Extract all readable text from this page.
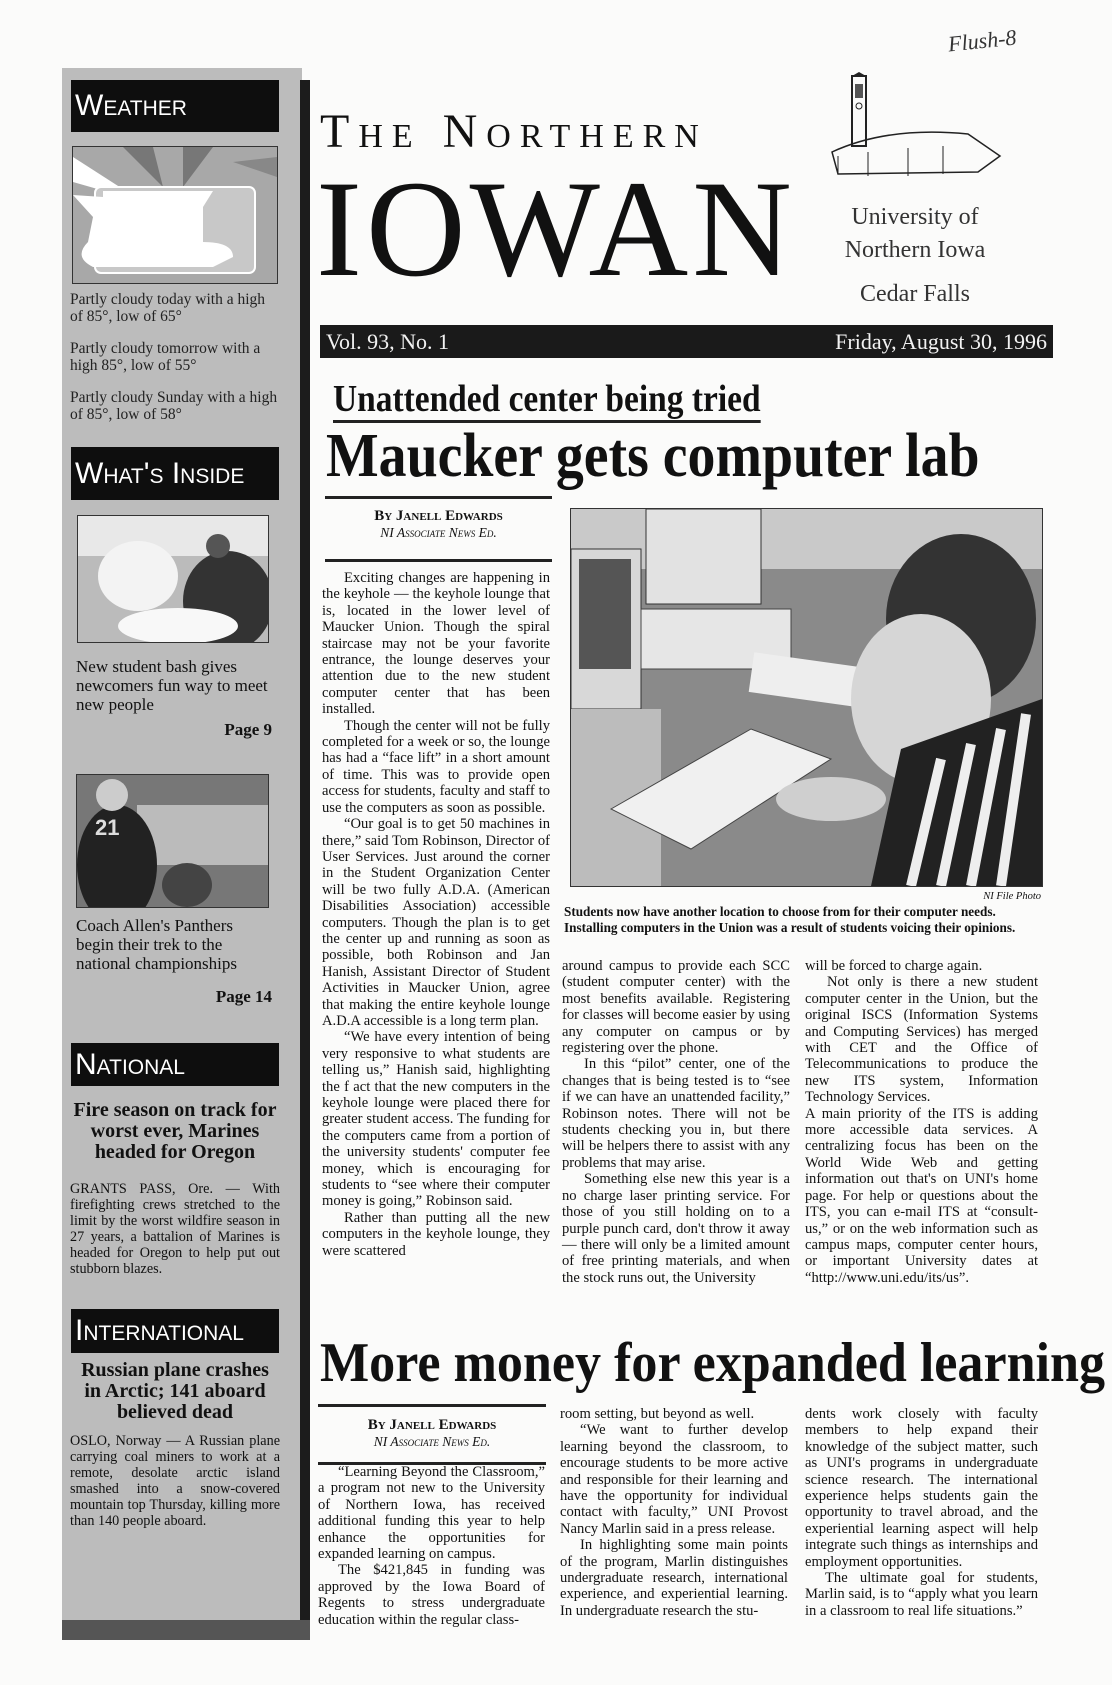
Flush-8
Weather
Partly cloudy today with a high of 85°, low of 65°
Partly cloudy tomorrow with a high 85°, low of 55°
Partly cloudy Sunday with a high of 85°, low of 58°
What's Inside
New student bash gives newcomers fun way to meet new people
Page 9
21
Coach Allen's Panthers begin their trek to the national championships
Page 14
National
Fire season on track for worst ever, Marines headed for Oregon
GRANTS PASS, Ore. — With firefighting crews stretched to the limit by the worst wildfire season in 27 years, a battalion of Marines is headed for Oregon to help put out stubborn blazes.
International
Russian plane crashes in Arctic; 141 aboard believed dead
OSLO, Norway — A Russian plane carrying coal miners to work at a remote, desolate arctic island smashed into a snow-covered mountain top Thursday, killing more than 140 people aboard.
The Northern
IOWAN	University of
Northern Iowa
Cedar Falls
Vol. 93, No. 1	Friday, August 30, 1996
Unattended center being tried
Maucker gets computer lab
By Janell Edwards
NI Associate News Ed.
NI File Photo
Students now have another location to choose from for their computer needs. Installing computers in the Union was a result of students voicing their opinions.

Exciting changes are happening in the keyhole — the keyhole lounge that is, located in the lower level of Maucker Union. Though the spiral staircase may not be your favorite entrance, the lounge deserves your attention due to the new student computer center that has been installed.

Though the center will not be fully completed for a week or so, the lounge has had a “face lift” in a short amount of time. This was to provide open access for students, faculty and staff to use the computers as soon as possible.

“Our goal is to get 50 machines in there,” said Tom Robinson, Director of User Services. Just around the corner in the Student Organization Center will be two fully A.D.A. (American Disabilities Association) accessible computers. Though the plan is to get the center up and running as soon as possible, both Robinson and Jan Hanish, Assistant Director of Student Activities in Maucker Union, agree that making the entire keyhole lounge A.D.A accessible is a long term plan.

“We have every intention of being very responsive to what students are telling us,” Hanish said, highlighting the f act that the new computers in the keyhole lounge were placed there for greater student access. The funding for the computers came from a portion of the university students' computer fee money, which is encouraging for students to “see where their computer money is going,” Robinson said.

Rather than putting all the new computers in the keyhole lounge, they were scattered

around campus to provide each SCC (student computer center) with the most benefits available. Registering for classes will become easier by using any computer on campus or by registering over the phone.

In this “pilot” center, one of the changes that is being tested is to “see if we can have an unattended facility,” Robinson notes. There will not be students checking you in, but there will be helpers there to assist with any problems that may arise.

Something else new this year is a no charge laser printing service. For those of you still holding on to a purple punch card, don't throw it away — there will only be a limited amount of free printing materials, and when the stock runs out, the University

will be forced to charge again.

Not only is there a new student computer center in the Union, but the original ISCS (Information Systems and Computing Services) has merged with CET and the Office of Telecommunications to produce the new ITS system, Information Technology Services.

A main priority of the ITS is adding more accessible data services. A centralizing focus has been on the World Wide Web and getting information out that's on UNI's home page. For help or questions about the ITS, you can e-mail ITS at “consult-us,” or on the web information such as campus maps, computer center hours, or important University dates at “http://www.uni.edu/its/us”.

More money for expanded learning
By Janell Edwards
NI Associate News Ed.

“Learning Beyond the Classroom,” a program not new to the University of Northern Iowa, has received additional funding this year to help enhance the opportunities for expanded learning on campus.

The $421,845 in funding was approved by the Iowa Board of Regents to stress undergraduate education within the regular class-

room setting, but beyond as well.

“We want to further develop learning beyond the classroom, to encourage students to be more active and responsible for their learning and have the opportunity for individual contact with faculty,” UNI Provost Nancy Marlin said in a press release.

In highlighting some main points of the program, Marlin distinguishes undergraduate research, international experience, and experiential learning. In undergraduate research the stu-

dents work closely with faculty members to help expand their knowledge of the subject matter, such as UNI's programs in undergraduate science research. The international experience helps students gain the opportunity to travel abroad, and the experiential learning aspect will help integrate such things as internships and employment opportunities.

The ultimate goal for students, Marlin said, is to “apply what you learn in a classroom to real life situations.”
